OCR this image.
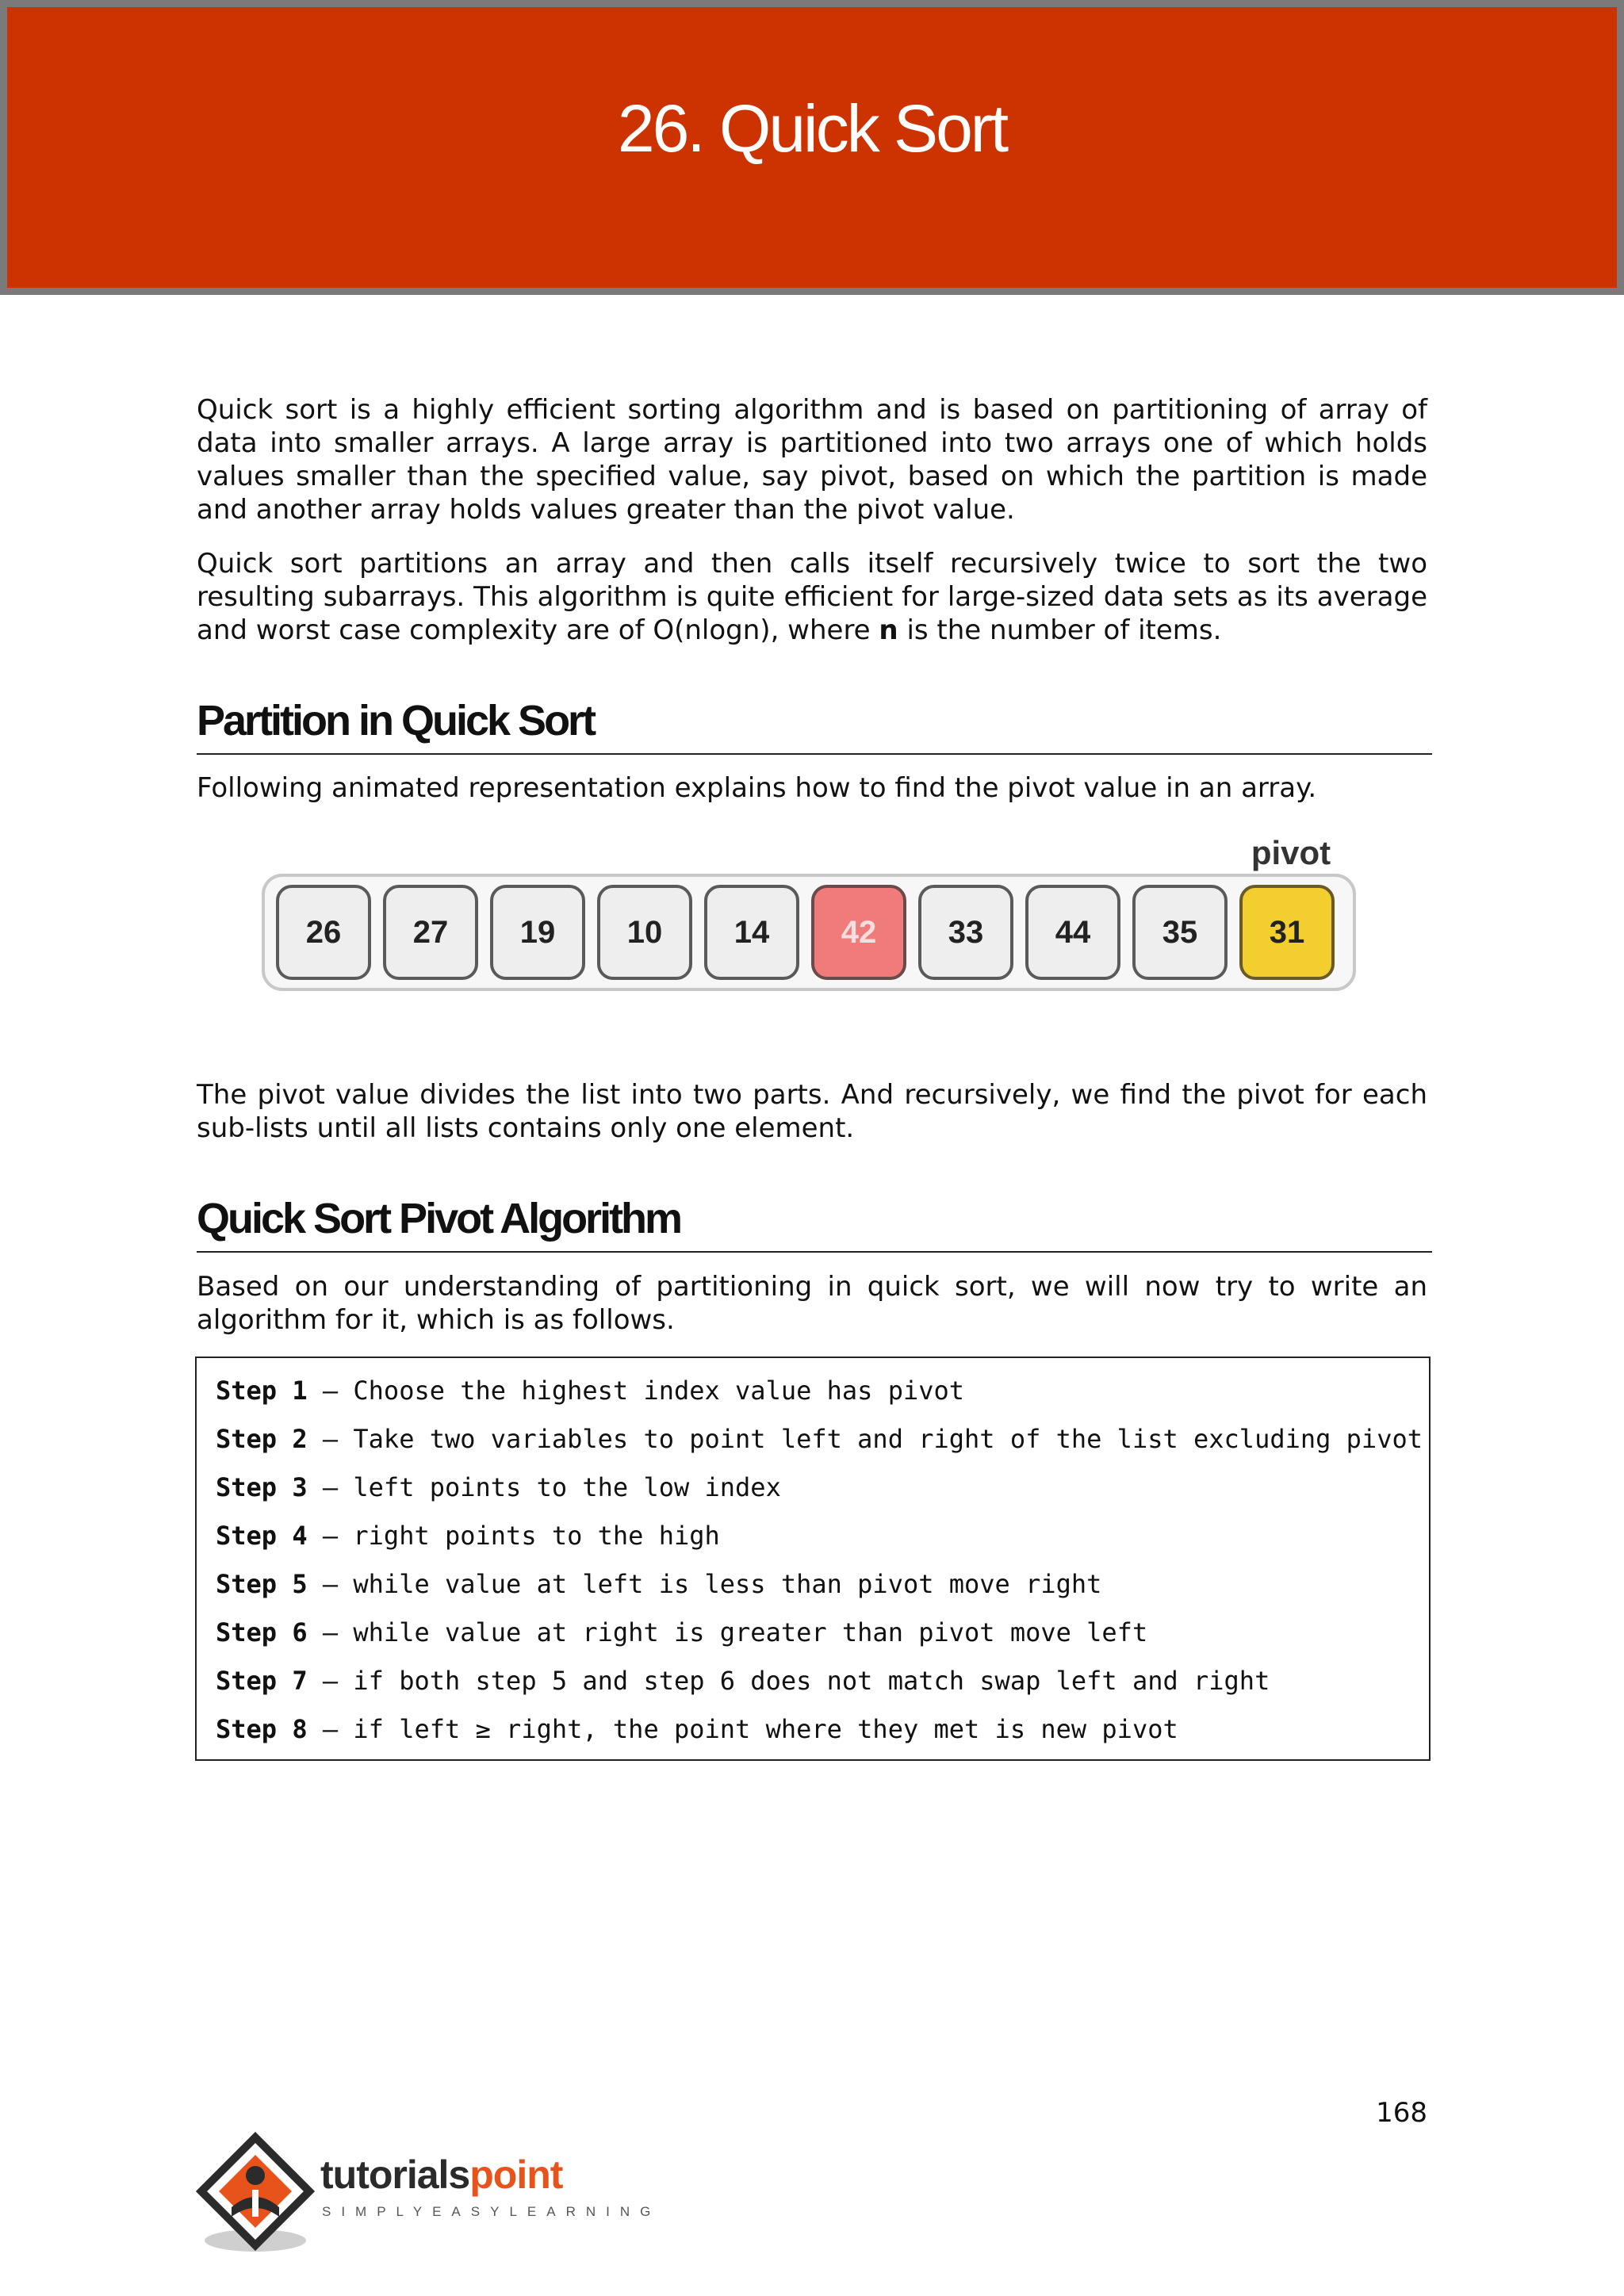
26. Quick Sort

Quick sort is a highly efficient sorting algorithm and is based on partitioning of array of data into smaller arrays. A large array is partitioned into two arrays one of which holds values smaller than the specified value, say pivot, based on which the partition is made and another array holds values greater than the pivot value.

Quick sort partitions an array and then calls itself recursively twice to sort the two resulting subarrays. This algorithm is quite efficient for large-sized data sets as its average and worst case complexity are of O(nlogn), where n is the number of items.

Partition in Quick Sort

Following animated representation explains how to find the pivot value in an array.

pivot
26	27	19	10	14	42	33	44	35	31

The pivot value divides the list into two parts. And recursively, we find the pivot for each sub-lists until all lists contains only one element.

Quick Sort Pivot Algorithm

Based on our understanding of partitioning in quick sort, we will now try to write an algorithm for it, which is as follows.

Step 1 – Choose the highest index value has pivot
Step 2 – Take two variables to point left and right of the list excluding pivot
Step 3 – left points to the low index
Step 4 – right points to the high
Step 5 – while value at left is less than pivot move right
Step 6 – while value at right is greater than pivot move left
Step 7 – if both step 5 and step 6 does not match swap left and right
Step 8 – if left ≥ right, the point where they met is new pivot
168
tutorialspoint
SIMPLYEASYLEARNING
